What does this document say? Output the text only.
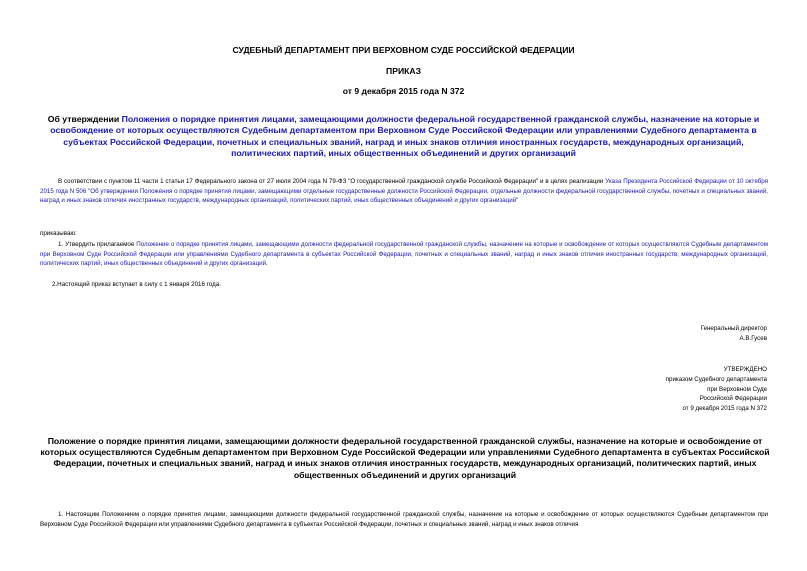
СУДЕБНЫЙ ДЕПАРТАМЕНТ ПРИ ВЕРХОВНОМ СУДЕ РОССИЙСКОЙ ФЕДЕРАЦИИ
ПРИКАЗ
от 9 декабря 2015 года N 372
Об утверждении Положения о порядке принятия лицами, замещающими должности федеральной государственной гражданской службы, назначение на которые и освобождение от которых осуществляются Судебным департаментом при Верховном Суде Российской Федерации или управлениями Судебного департамента в субъектах Российской Федерации, почетных и специальных званий, наград и иных знаков отличия иностранных государств, международных организаций, политических партий, иных общественных объединений и других организаций
В соответствии с пунктом 11 части 1 статьи 17 Федерального закона от 27 июля 2004 года N 79-ФЗ "О государственной гражданской службе Российской Федерации" и в целях реализации Указа Президента Российской Федерации от 10 октября 2015 года N 506 "Об утверждении Положения о порядке принятия лицами, замещающими отдельные государственные должности Российской Федерации, отдельные должности федеральной государственной службы, почетных и специальных званий, наград и иных знаков отличия иностранных государств, международных организаций, политических партий, иных общественных объединений и других организаций"
приказываю:
1. Утвердить прилагаемое Положение о порядке принятия лицами, замещающими должности федеральной государственной гражданской службы, назначение на которые и освобождение от которых осуществляются Судебным департаментом при Верховном Суде Российской Федерации или управлениями Судебного департамента в субъектах Российской Федерации, почетных и специальных званий, наград и иных знаков отличия иностранных государств, международных организаций, политических партий, иных общественных объединений и других организаций.
2.Настоящий приказ вступает в силу с 1 января 2016 года.
Генеральный директор
А.В.Гусев
УТВЕРЖДЕНО
приказом Судебного департамента
при Верховном Суде
Российской Федерации
от 9 декабря 2015 года N 372
Положение о порядке принятия лицами, замещающими должности федеральной государственной гражданской службы, назначение на которые и освобождение от которых осуществляются Судебным департаментом при Верховном Суде Российской Федерации или управлениями Судебного департамента в субъектах Российской Федерации, почетных и специальных званий, наград и иных знаков отличия иностранных государств, международных организаций, политических партий, иных общественных объединений и других организаций
1. Настоящим Положением о порядке принятия лицами, замещающими должности федеральной государственной гражданской службы, назначение на которые и освобождение от которых осуществляются Судебным департаментом при Верховном Суде Российской Федерации или управлениями Судебного департамента в субъектах Российской Федерации, почетных и специальных званий, наград и иных знаков отличия
